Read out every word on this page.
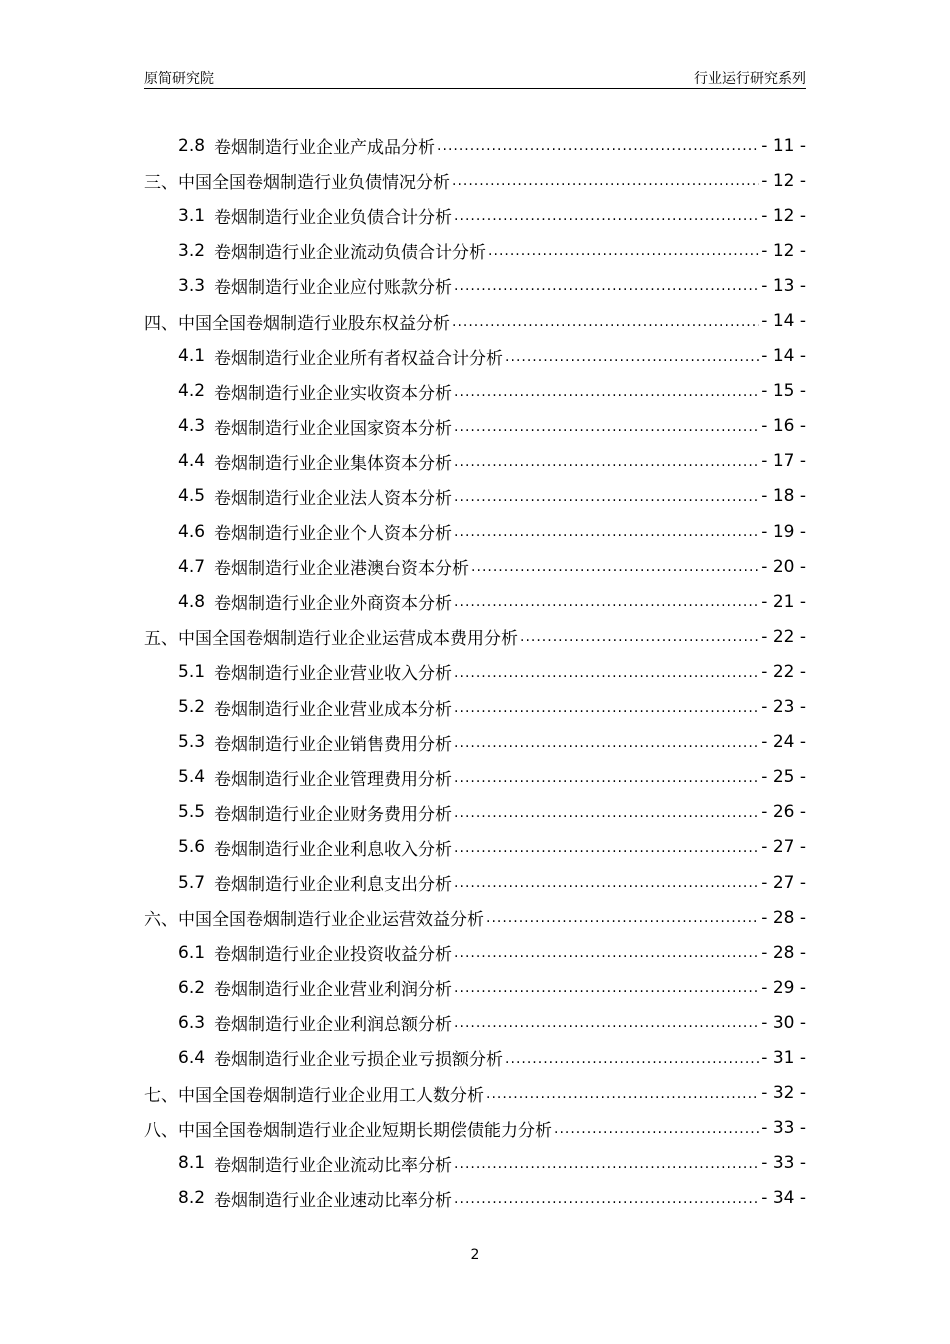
原简研究院	行业运行研究系列
2.8 卷烟制造行业企业产成品分析 .....	- 11 -
三、中国全国卷烟制造行业负债情况分析 .....	- 12 -
3.1 卷烟制造行业企业负债合计分析 .....	- 12 -
3.2 卷烟制造行业企业流动负债合计分析 .....	- 12 -
3.3 卷烟制造行业企业应付账款分析 .....	- 13 -
四、中国全国卷烟制造行业股东权益分析 .....	- 14 -
4.1 卷烟制造行业企业所有者权益合计分析 .....	- 14 -
4.2 卷烟制造行业企业实收资本分析 .....	- 15 -
4.3 卷烟制造行业企业国家资本分析 .....	- 16 -
4.4 卷烟制造行业企业集体资本分析 .....	- 17 -
4.5 卷烟制造行业企业法人资本分析 .....	- 18 -
4.6 卷烟制造行业企业个人资本分析 .....	- 19 -
4.7 卷烟制造行业企业港澳台资本分析 .....	- 20 -
4.8 卷烟制造行业企业外商资本分析 .....	- 21 -
五、中国全国卷烟制造行业企业运营成本费用分析 .....	- 22 -
5.1 卷烟制造行业企业营业收入分析 .....	- 22 -
5.2 卷烟制造行业企业营业成本分析 .....	- 23 -
5.3 卷烟制造行业企业销售费用分析 .....	- 24 -
5.4 卷烟制造行业企业管理费用分析 .....	- 25 -
5.5 卷烟制造行业企业财务费用分析 .....	- 26 -
5.6 卷烟制造行业企业利息收入分析 .....	- 27 -
5.7 卷烟制造行业企业利息支出分析 .....	- 27 -
六、中国全国卷烟制造行业企业运营效益分析 .....	- 28 -
6.1 卷烟制造行业企业投资收益分析 .....	- 28 -
6.2 卷烟制造行业企业营业利润分析 .....	- 29 -
6.3 卷烟制造行业企业利润总额分析 .....	- 30 -
6.4 卷烟制造行业企业亏损企业亏损额分析 .....	- 31 -
七、中国全国卷烟制造行业企业用工人数分析 .....	- 32 -
八、中国全国卷烟制造行业企业短期长期偿债能力分析 .....	- 33 -
8.1 卷烟制造行业企业流动比率分析 .....	- 33 -
8.2 卷烟制造行业企业速动比率分析 .....	- 34 -
2
